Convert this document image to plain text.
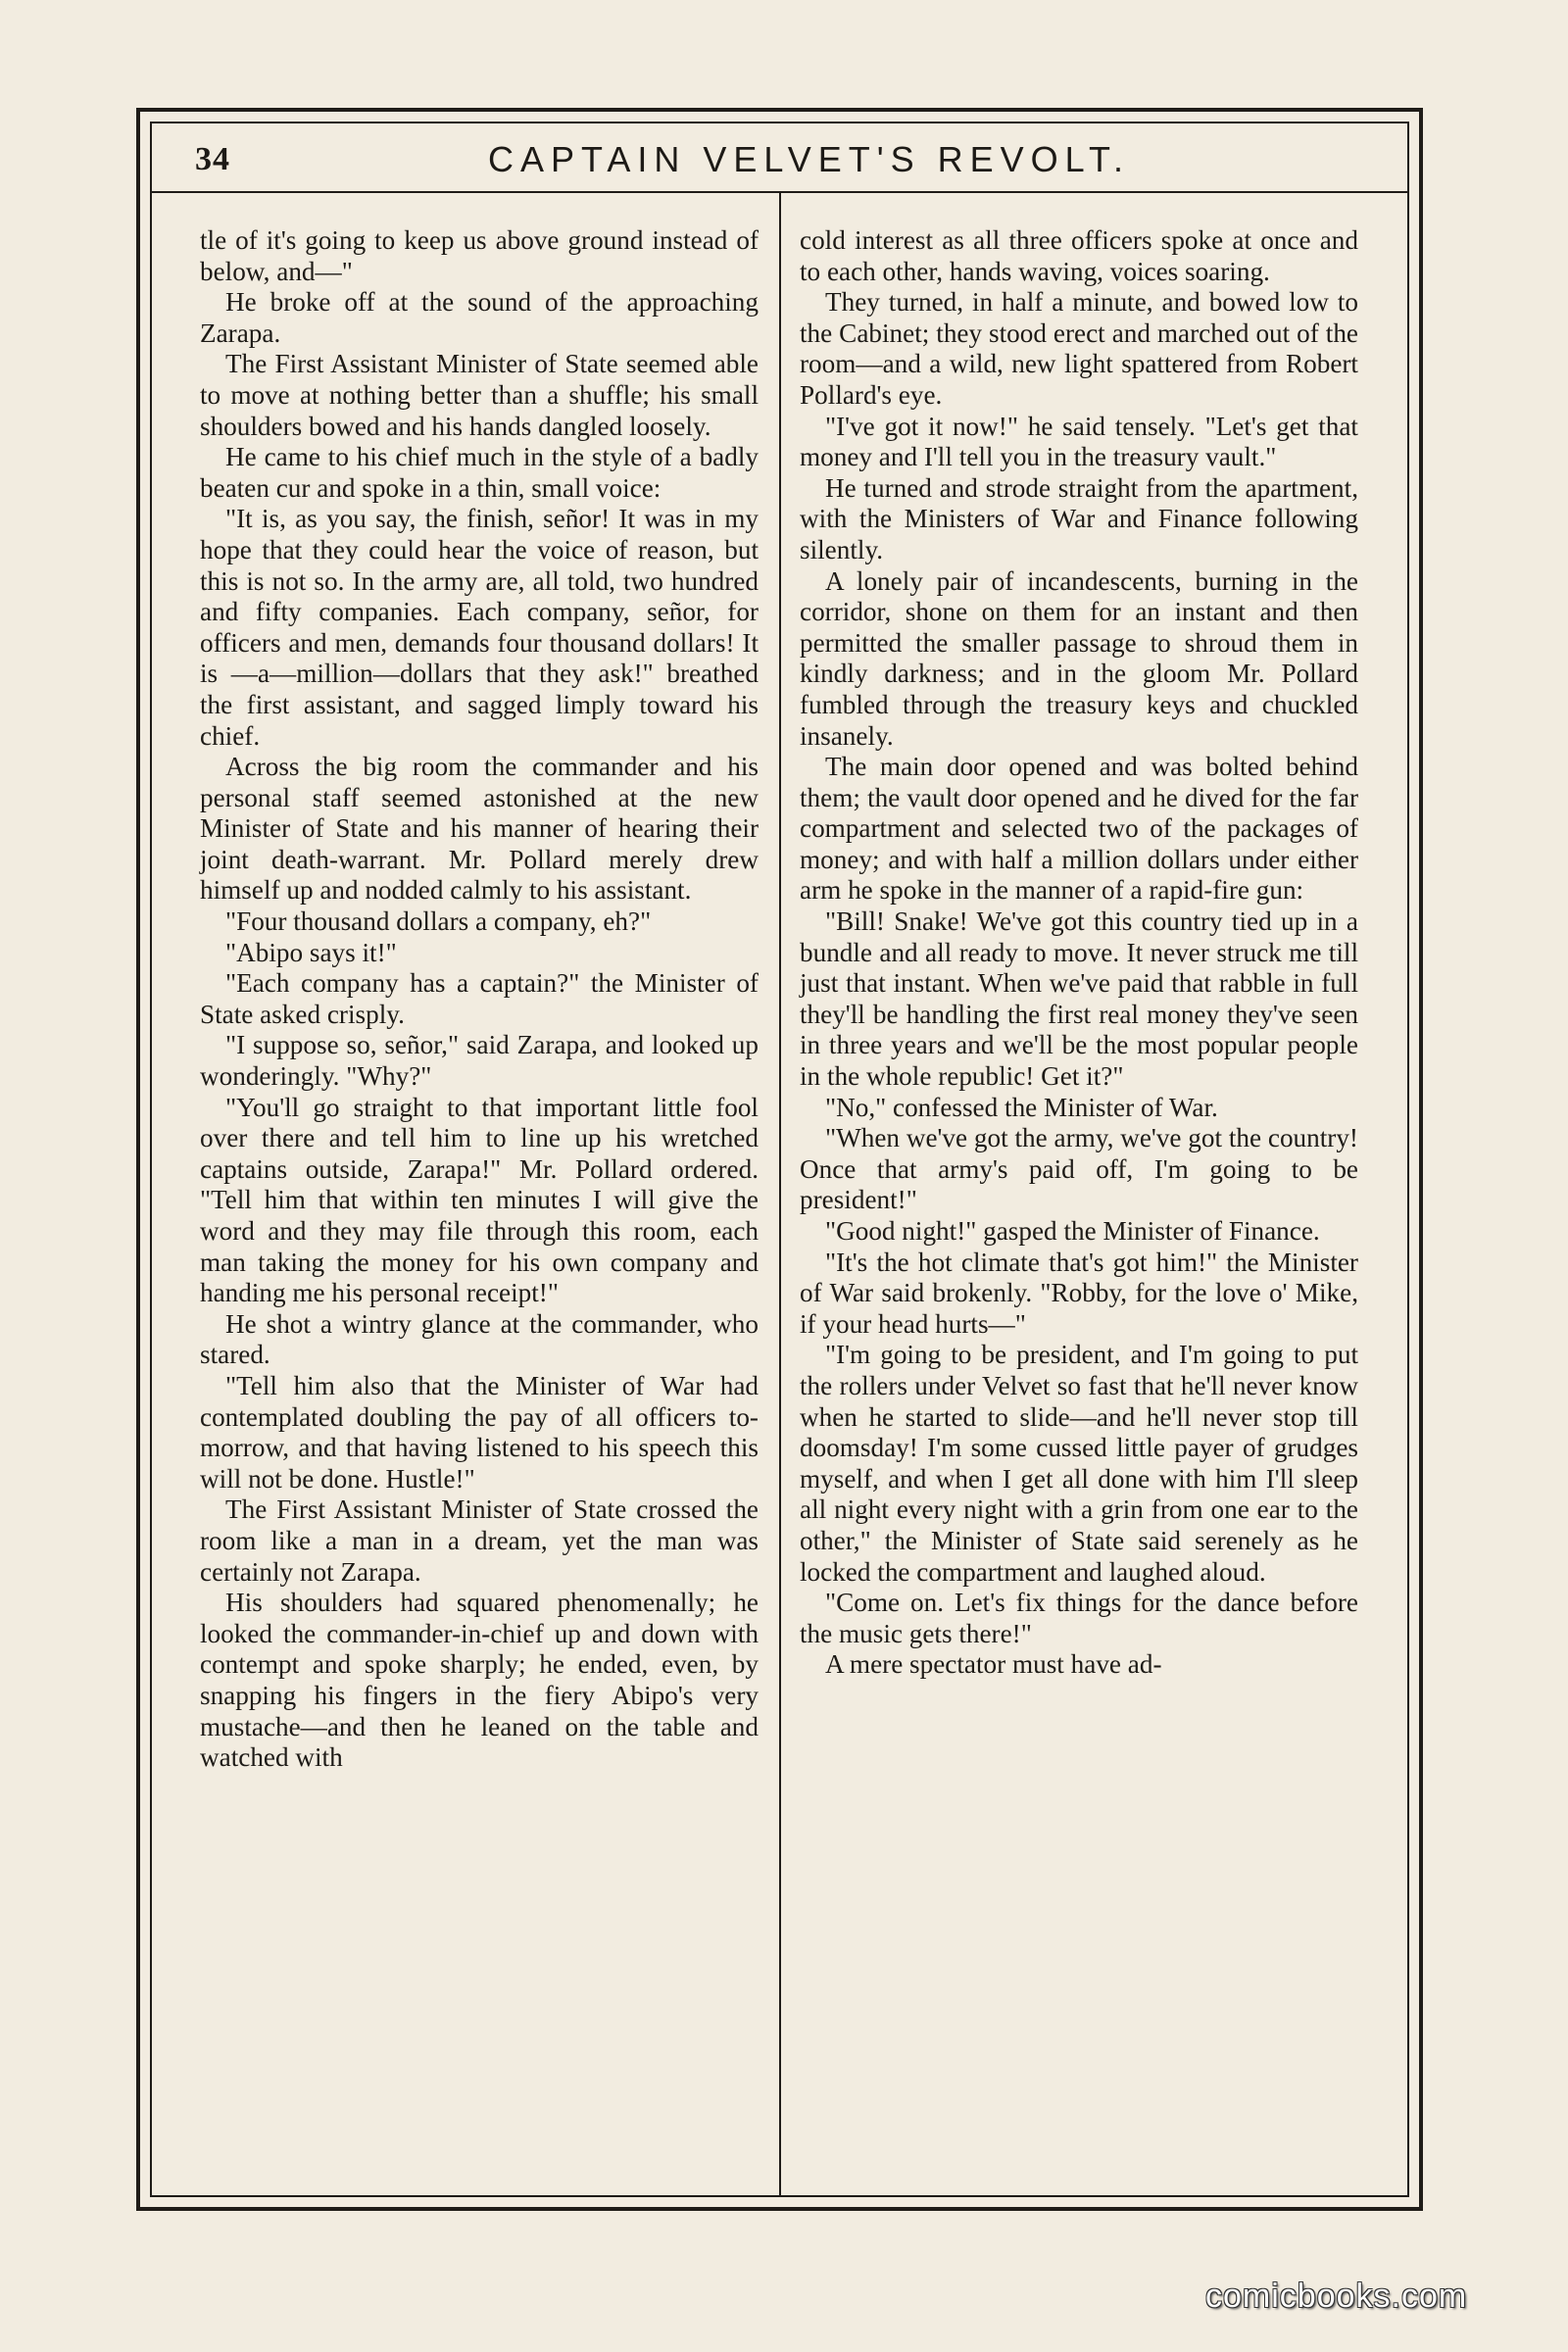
34	CAPTAIN VELVET'S REVOLT.

tle of it's going to keep us above ground instead of below, and—"

He broke off at the sound of the approaching Zarapa.

The First Assistant Minister of State seemed able to move at nothing better than a shuffle; his small shoulders bowed and his hands dangled loosely.

He came to his chief much in the style of a badly beaten cur and spoke in a thin, small voice:

"It is, as you say, the finish, señor! It was in my hope that they could hear the voice of reason, but this is not so. In the army are, all told, two hundred and fifty companies. Each company, señor, for officers and men, demands four thousand dollars! It is —a—million—dollars that they ask!" breathed the first assistant, and sagged limply toward his chief.

Across the big room the commander and his personal staff seemed astonished at the new Minister of State and his manner of hearing their joint death-warrant. Mr. Pollard merely drew himself up and nodded calmly to his assistant.

"Four thousand dollars a company, eh?"

"Abipo says it!"

"Each company has a captain?" the Minister of State asked crisply.

"I suppose so, señor," said Zarapa, and looked up wonderingly. "Why?"

"You'll go straight to that important little fool over there and tell him to line up his wretched captains outside, Zarapa!" Mr. Pollard ordered. "Tell him that within ten minutes I will give the word and they may file through this room, each man taking the money for his own company and handing me his personal receipt!"

He shot a wintry glance at the commander, who stared.

"Tell him also that the Minister of War had contemplated doubling the pay of all officers to-morrow, and that having listened to his speech this will not be done. Hustle!"

The First Assistant Minister of State crossed the room like a man in a dream, yet the man was certainly not Zarapa.

His shoulders had squared phenomenally; he looked the commander-in-chief up and down with contempt and spoke sharply; he ended, even, by snapping his fingers in the fiery Abipo's very mustache—and then he leaned on the table and watched with

cold interest as all three officers spoke at once and to each other, hands waving, voices soaring.

They turned, in half a minute, and bowed low to the Cabinet; they stood erect and marched out of the room—and a wild, new light spattered from Robert Pollard's eye.

"I've got it now!" he said tensely. "Let's get that money and I'll tell you in the treasury vault."

He turned and strode straight from the apartment, with the Ministers of War and Finance following silently.

A lonely pair of incandescents, burning in the corridor, shone on them for an instant and then permitted the smaller passage to shroud them in kindly darkness; and in the gloom Mr. Pollard fumbled through the treasury keys and chuckled insanely.

The main door opened and was bolted behind them; the vault door opened and he dived for the far compartment and selected two of the packages of money; and with half a million dollars under either arm he spoke in the manner of a rapid-fire gun:

"Bill! Snake! We've got this country tied up in a bundle and all ready to move. It never struck me till just that instant. When we've paid that rabble in full they'll be handling the first real money they've seen in three years and we'll be the most popular people in the whole republic! Get it?"

"No," confessed the Minister of War.

"When we've got the army, we've got the country! Once that army's paid off, I'm going to be president!"

"Good night!" gasped the Minister of Finance.

"It's the hot climate that's got him!" the Minister of War said brokenly. "Robby, for the love o' Mike, if your head hurts—"

"I'm going to be president, and I'm going to put the rollers under Velvet so fast that he'll never know when he started to slide—and he'll never stop till doomsday! I'm some cussed little payer of grudges myself, and when I get all done with him I'll sleep all night every night with a grin from one ear to the other," the Minister of State said serenely as he locked the compartment and laughed aloud.

"Come on. Let's fix things for the dance before the music gets there!"

A mere spectator must have ad-

comicbooks.com
